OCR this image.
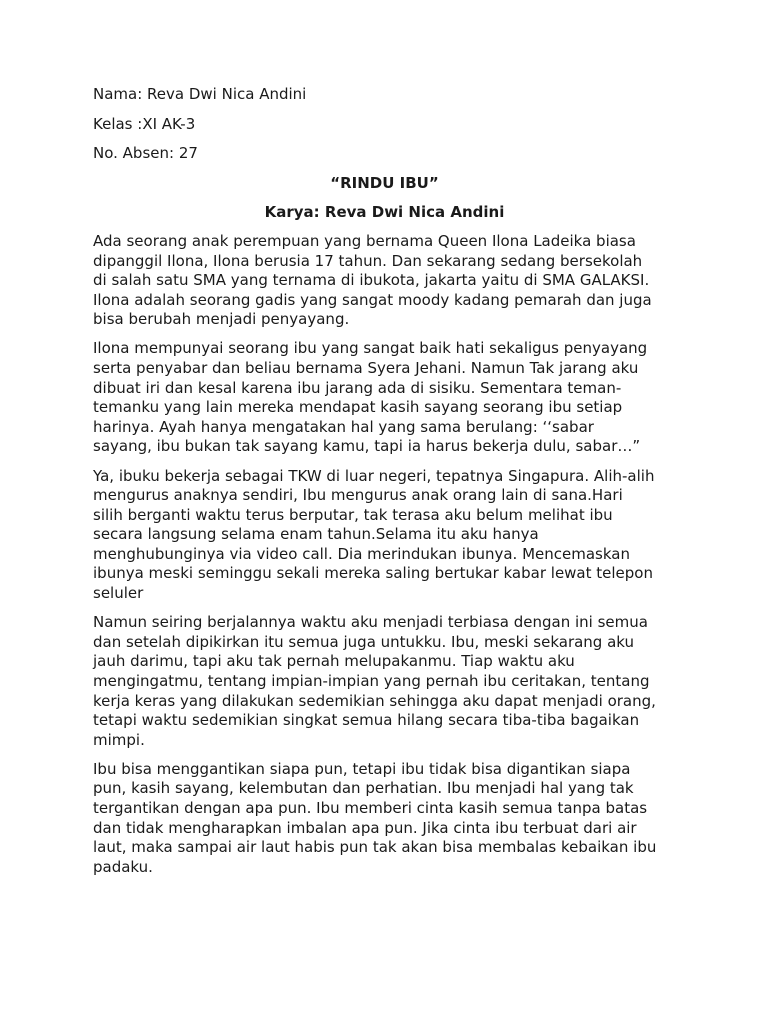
Nama: Reva Dwi Nica Andini
Kelas :XI AK-3
No. Absen: 27
“RINDU IBU”
Karya: Reva Dwi Nica Andini
Ada seorang anak perempuan yang bernama Queen Ilona Ladeika biasa
dipanggil Ilona, Ilona berusia 17 tahun. Dan sekarang sedang bersekolah
di salah satu SMA yang ternama di ibukota, jakarta yaitu di SMA GALAKSI.
Ilona adalah seorang gadis yang sangat moody kadang pemarah dan juga
bisa berubah menjadi penyayang.
Ilona mempunyai seorang ibu yang sangat baik hati sekaligus penyayang
serta penyabar dan beliau bernama Syera Jehani. Namun Tak jarang aku
dibuat iri dan kesal karena ibu jarang ada di sisiku. Sementara teman-
temanku yang lain mereka mendapat kasih sayang seorang ibu setiap
harinya. Ayah hanya mengatakan hal yang sama berulang: ‘‘sabar
sayang, ibu bukan tak sayang kamu, tapi ia harus bekerja dulu, sabar…”
Ya, ibuku bekerja sebagai TKW di luar negeri, tepatnya Singapura. Alih-alih
mengurus anaknya sendiri, Ibu mengurus anak orang lain di sana.Hari
silih berganti waktu terus berputar, tak terasa aku belum melihat ibu
secara langsung selama enam tahun.Selama itu aku hanya
menghubunginya via video call. Dia merindukan ibunya. Mencemaskan
ibunya meski seminggu sekali mereka saling bertukar kabar lewat telepon
seluler
Namun seiring berjalannya waktu aku menjadi terbiasa dengan ini semua
dan setelah dipikirkan itu semua juga untukku. Ibu, meski sekarang aku
jauh darimu, tapi aku tak pernah melupakanmu. Tiap waktu aku
mengingatmu, tentang impian-impian yang pernah ibu ceritakan, tentang
kerja keras yang dilakukan sedemikian sehingga aku dapat menjadi orang,
tetapi waktu sedemikian singkat semua hilang secara tiba-tiba bagaikan
mimpi.
Ibu bisa menggantikan siapa pun, tetapi ibu tidak bisa digantikan siapa
pun, kasih sayang, kelembutan dan perhatian. Ibu menjadi hal yang tak
tergantikan dengan apa pun. Ibu memberi cinta kasih semua tanpa batas
dan tidak mengharapkan imbalan apa pun. Jika cinta ibu terbuat dari air
laut, maka sampai air laut habis pun tak akan bisa membalas kebaikan ibu
padaku.
